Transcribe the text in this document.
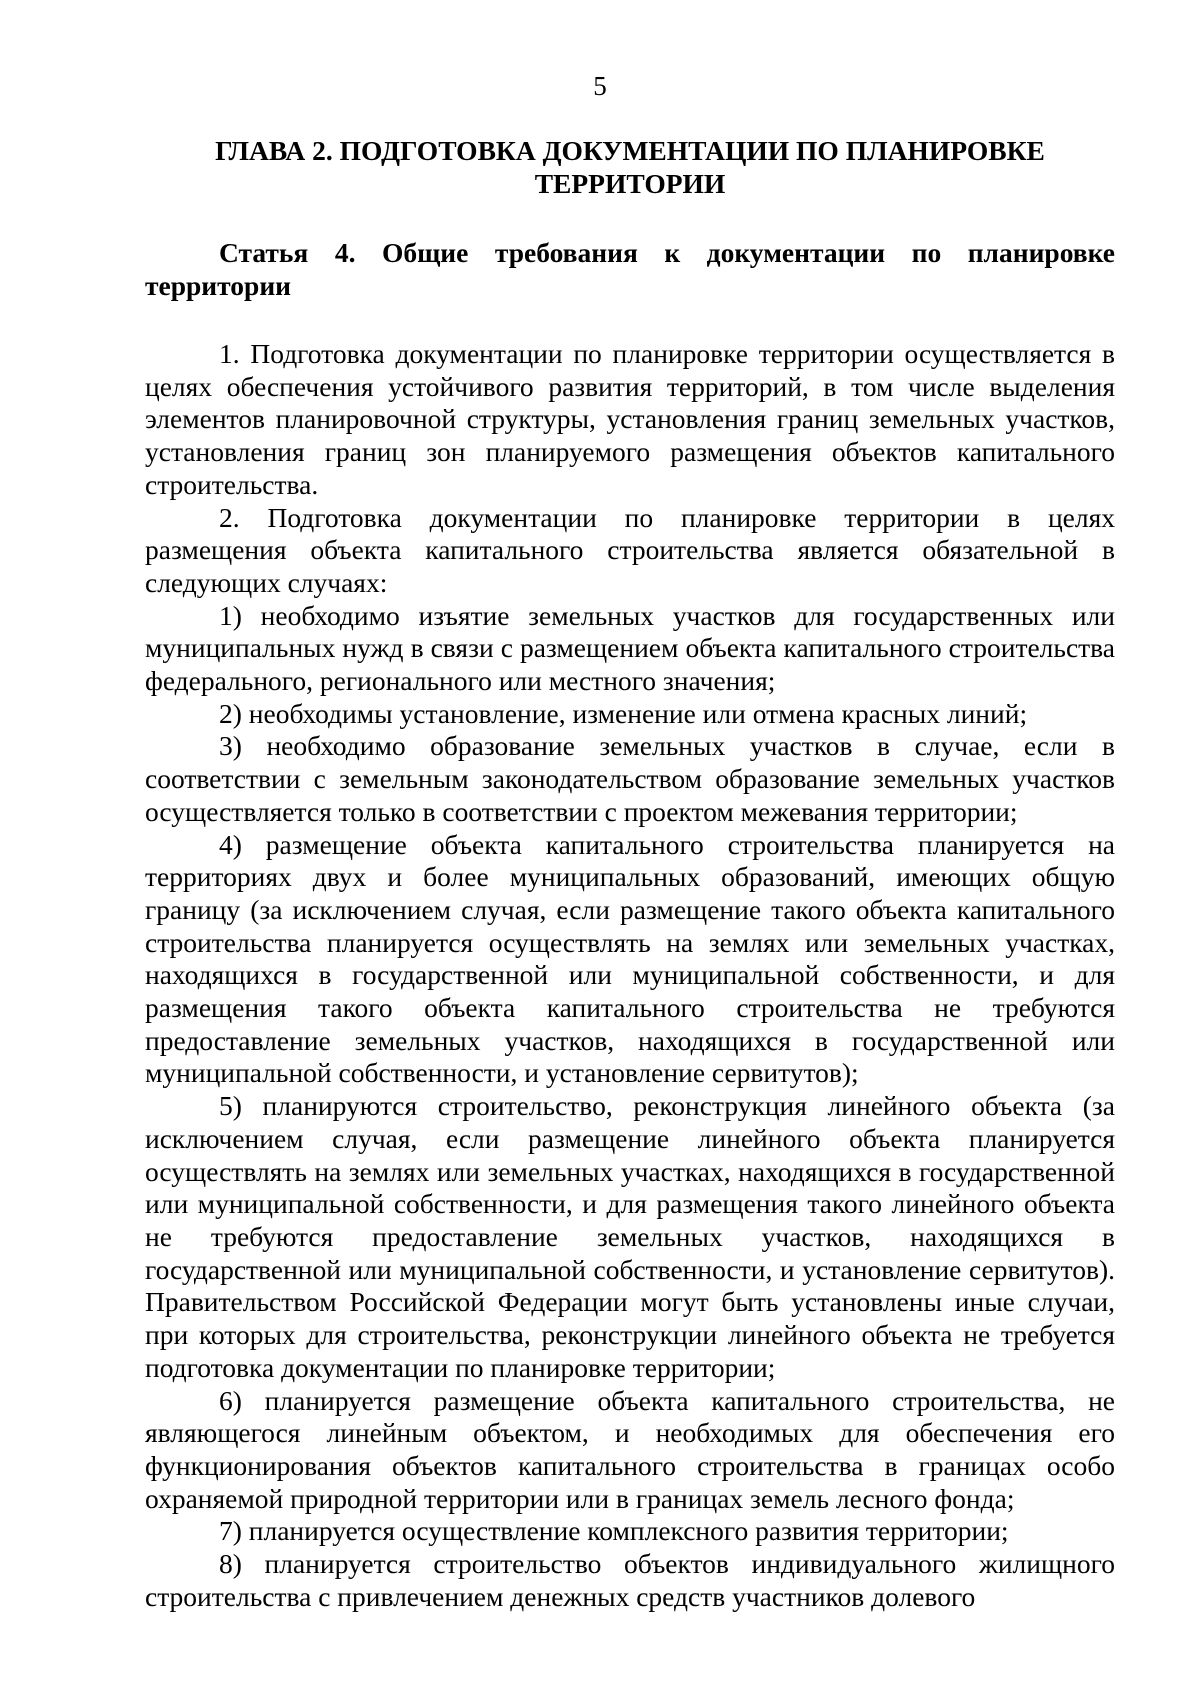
5
ГЛАВА 2. ПОДГОТОВКА ДОКУМЕНТАЦИИ ПО ПЛАНИРОВКЕ
ТЕРРИТОРИИ
Статья 4. Общие требования к документации по планировке территории

1. Подготовка документации по планировке территории осуществляется в целях обеспечения устойчивого развития территорий, в том числе выделения элементов планировочной структуры, установления границ земельных участков, установления границ зон планируемого размещения объектов капитального строительства.

2. Подготовка документации по планировке территории в целях размещения объекта капитального строительства является обязательной в следующих случаях:

1) необходимо изъятие земельных участков для государственных или муниципальных нужд в связи с размещением объекта капитального строительства федерального, регионального или местного значения;

2) необходимы установление, изменение или отмена красных линий;

3) необходимо образование земельных участков в случае, если в соответствии с земельным законодательством образование земельных участков осуществляется только в соответствии с проектом межевания территории;

4) размещение объекта капитального строительства планируется на территориях двух и более муниципальных образований, имеющих общую границу (за исключением случая, если размещение такого объекта капитального строительства планируется осуществлять на землях или земельных участках, находящихся в государственной или муниципальной собственности, и для размещения такого объекта капитального строительства не требуются предоставление земельных участков, находящихся в государственной или муниципальной собственности, и установление сервитутов);

5) планируются строительство, реконструкция линейного объекта (за исключением случая, если размещение линейного объекта планируется осуществлять на землях или земельных участках, находящихся в государственной или муниципальной собственности, и для размещения такого линейного объекта не требуются предоставление земельных участков, находящихся в государственной или муниципальной собственности, и установление сервитутов). Правительством Российской Федерации могут быть установлены иные случаи, при которых для строительства, реконструкции линейного объекта не требуется подготовка документации по планировке территории;

6) планируется размещение объекта капитального строительства, не являющегося линейным объектом, и необходимых для обеспечения его функционирования объектов капитального строительства в границах особо охраняемой природной территории или в границах земель лесного фонда;

7) планируется осуществление комплексного развития территории;

8) планируется строительство объектов индивидуального жилищного строительства с привлечением денежных средств участников долевого
